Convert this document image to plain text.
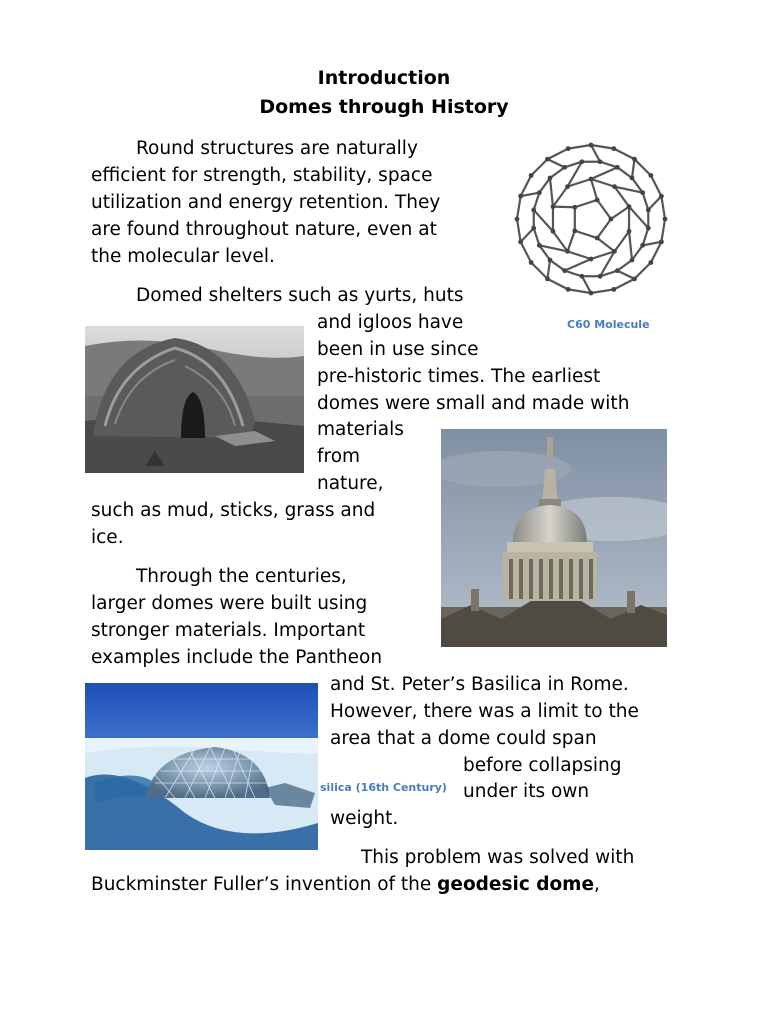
Introduction
Domes through History
Round structures are naturally
efficient for strength, stability, space
utilization and energy retention. They
are found throughout nature, even at
the molecular level.
C60 Molecule
Domed shelters such as yurts, huts
and igloos have
been in use since
pre-historic times. The earliest
domes were small and made with
materials
from
nature,
such as mud, sticks, grass and
ice.
Through the centuries,
larger domes were built using
stronger materials. Important
examples include the Pantheon
and St. Peter’s Basilica in Rome.
However, there was a limit to the
area that a dome could span
before collapsing
under its own
weight.
silica (16th Century)
This problem was solved with
Buckminster Fuller’s invention of the geodesic dome,
